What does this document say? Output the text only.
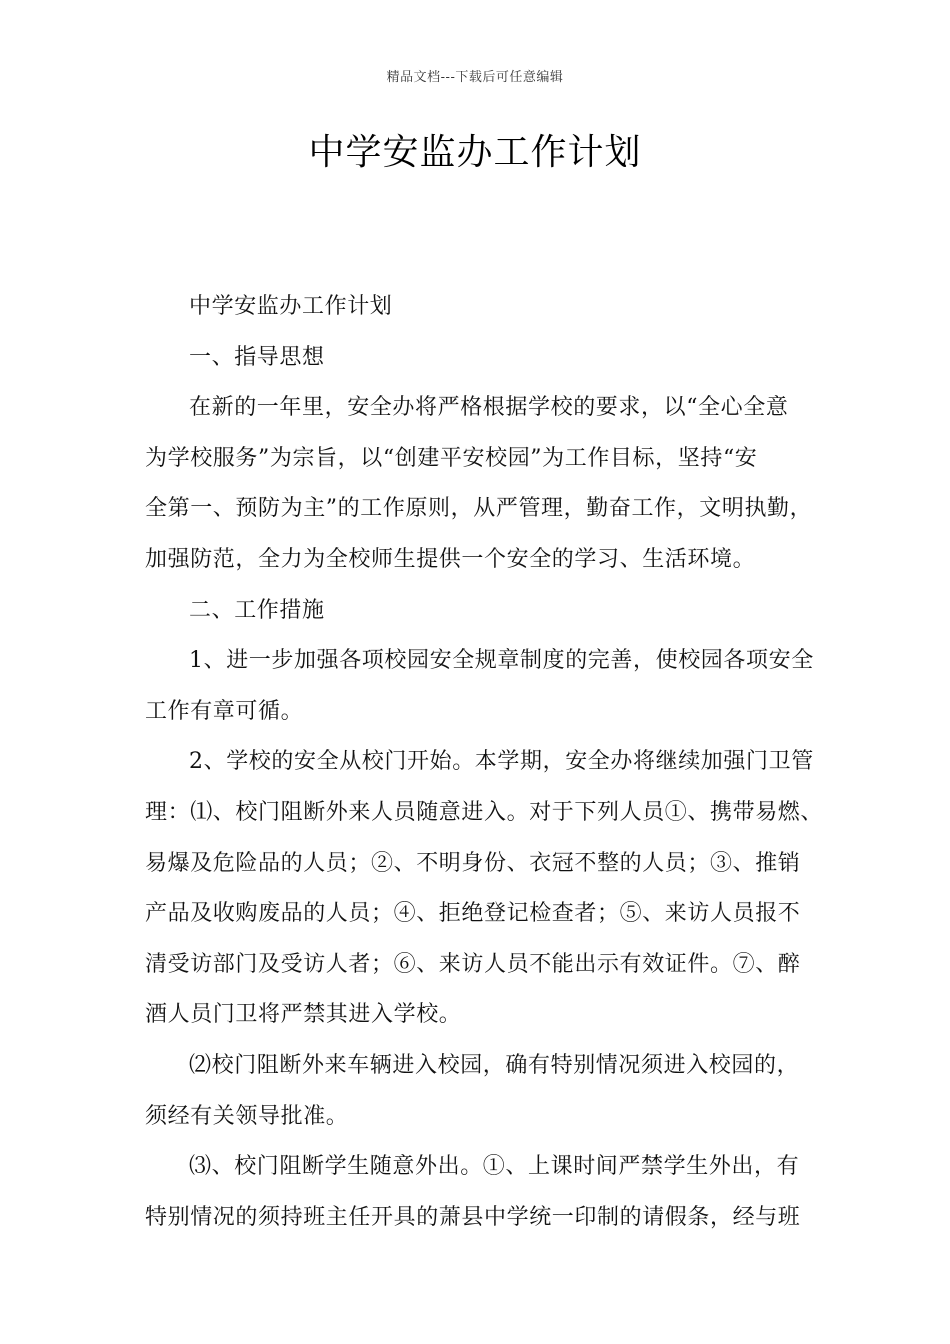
精品文档---下载后可任意编辑
中学安监办工作计划

中学安监办工作计划

一、指导思想

在新的一年里，安全办将严格根据学校的要求，以“全心全意
为学校服务”为宗旨，以“创建平安校园”为工作目标，坚持“安
全第一、预防为主”的工作原则，从严管理，勤奋工作，文明执勤，
加强防范，全力为全校师生提供一个安全的学习、生活环境。

二、工作措施

1、进一步加强各项校园安全规章制度的完善，使校园各项安全
工作有章可循。

2、学校的安全从校门开始。本学期，安全办将继续加强门卫管
理：⑴、校门阻断外来人员随意进入。对于下列人员①、携带易燃、
易爆及危险品的人员；②、不明身份、衣冠不整的人员；③、推销
产品及收购废品的人员；④、拒绝登记检查者；⑤、来访人员报不
清受访部门及受访人者；⑥、来访人员不能出示有效证件。⑦、醉
酒人员门卫将严禁其进入学校。

⑵校门阻断外来车辆进入校园，确有特别情况须进入校园的，
须经有关领导批准。

⑶、校门阻断学生随意外出。①、上课时间严禁学生外出，有
特别情况的须持班主任开具的萧县中学统一印制的请假条，经与班
